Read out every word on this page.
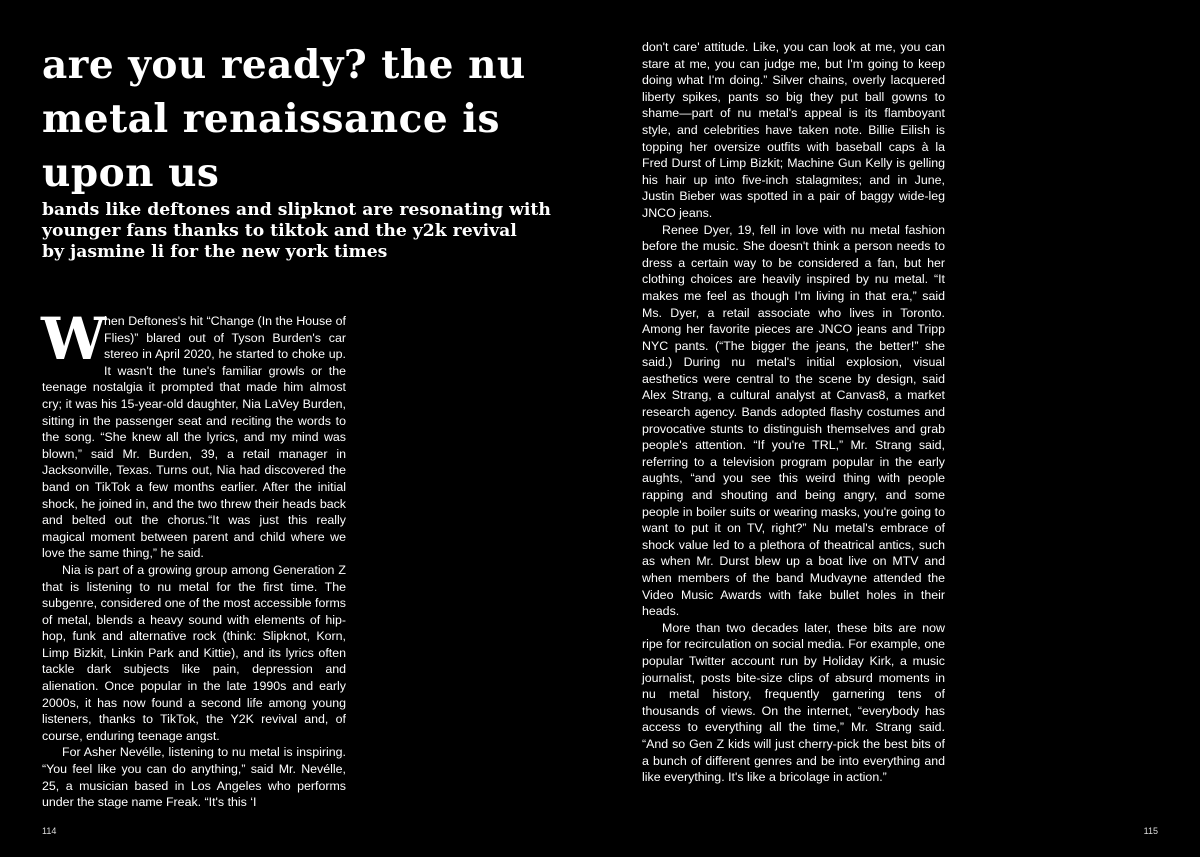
are you ready? the nu metal renaissance is upon us
bands like deftones and slipknot are resonating with
younger fans thanks to tiktok and the y2k revival
by jasmine li for the new york times

W
hen Deftones's hit “Change (In the House of Flies)” blared out of Tyson Burden's car stereo in April 2020, he started to choke up. It wasn't the tune's familiar growls or the teenage nostalgia it prompted that made him almost cry; it was his 15-year-old daughter, Nia LaVey Burden, sitting in the passenger seat and reciting the words to the song. “She knew all the lyrics, and my mind was blown,” said Mr. Burden, 39, a retail manager in Jacksonville, Texas. Turns out, Nia had discovered the band on TikTok a few months earlier. After the initial shock, he joined in, and the two threw their heads back and belted out the chorus.“It was just this really magical moment between parent and child where we love the same thing,” he said.

Nia is part of a growing group among Generation Z that is listening to nu metal for the first time. The subgenre, considered one of the most accessible forms of metal, blends a heavy sound with elements of hip-hop, funk and alternative rock (think: Slipknot, Korn, Limp Bizkit, Linkin Park and Kittie), and its lyrics often tackle dark subjects like pain, depression and alienation. Once popular in the late 1990s and early 2000s, it has now found a second life among young listeners, thanks to TikTok, the Y2K revival and, of course, enduring teenage angst.

For Asher Nevélle, listening to nu metal is inspiring. “You feel like you can do anything,” said Mr. Nevélle, 25, a musician based in Los Angeles who performs under the stage name Freak. “It's this ‘I

114

don't care' attitude. Like, you can look at me, you can stare at me, you can judge me, but I'm going to keep doing what I'm doing.” Silver chains, overly lacquered liberty spikes, pants so big they put ball gowns to shame—part of nu metal's appeal is its flamboyant style, and celebrities have taken note. Billie Eilish is topping her oversize outfits with baseball caps à la Fred Durst of Limp Bizkit; Machine Gun Kelly is gelling his hair up into five-inch stalagmites; and in June, Justin Bieber was spotted in a pair of baggy wide-leg JNCO jeans.

Renee Dyer, 19, fell in love with nu metal fashion before the music. She doesn't think a person needs to dress a certain way to be considered a fan, but her clothing choices are heavily inspired by nu metal. “It makes me feel as though I'm living in that era,” said Ms. Dyer, a retail associate who lives in Toronto. Among her favorite pieces are JNCO jeans and Tripp NYC pants. (“The bigger the jeans, the better!” she said.) During nu metal's initial explosion, visual aesthetics were central to the scene by design, said Alex Strang, a cultural analyst at Canvas8, a market research agency. Bands adopted flashy costumes and provocative stunts to distinguish themselves and grab people's attention. “If you're TRL,” Mr. Strang said, referring to a television program popular in the early aughts, “and you see this weird thing with people rapping and shouting and being angry, and some people in boiler suits or wearing masks, you're going to want to put it on TV, right?” Nu metal's embrace of shock value led to a plethora of theatrical antics, such as when Mr. Durst blew up a boat live on MTV and when members of the band Mudvayne attended the Video Music Awards with fake bullet holes in their heads.

More than two decades later, these bits are now ripe for recirculation on social media. For example, one popular Twitter account run by Holiday Kirk, a music journalist, posts bite-size clips of absurd moments in nu metal history, frequently garnering tens of thousands of views. On the internet, “everybody has access to everything all the time,” Mr. Strang said. “And so Gen Z kids will just cherry-pick the best bits of a bunch of different genres and be into everything and like everything. It's like a bricolage in action.”

115
